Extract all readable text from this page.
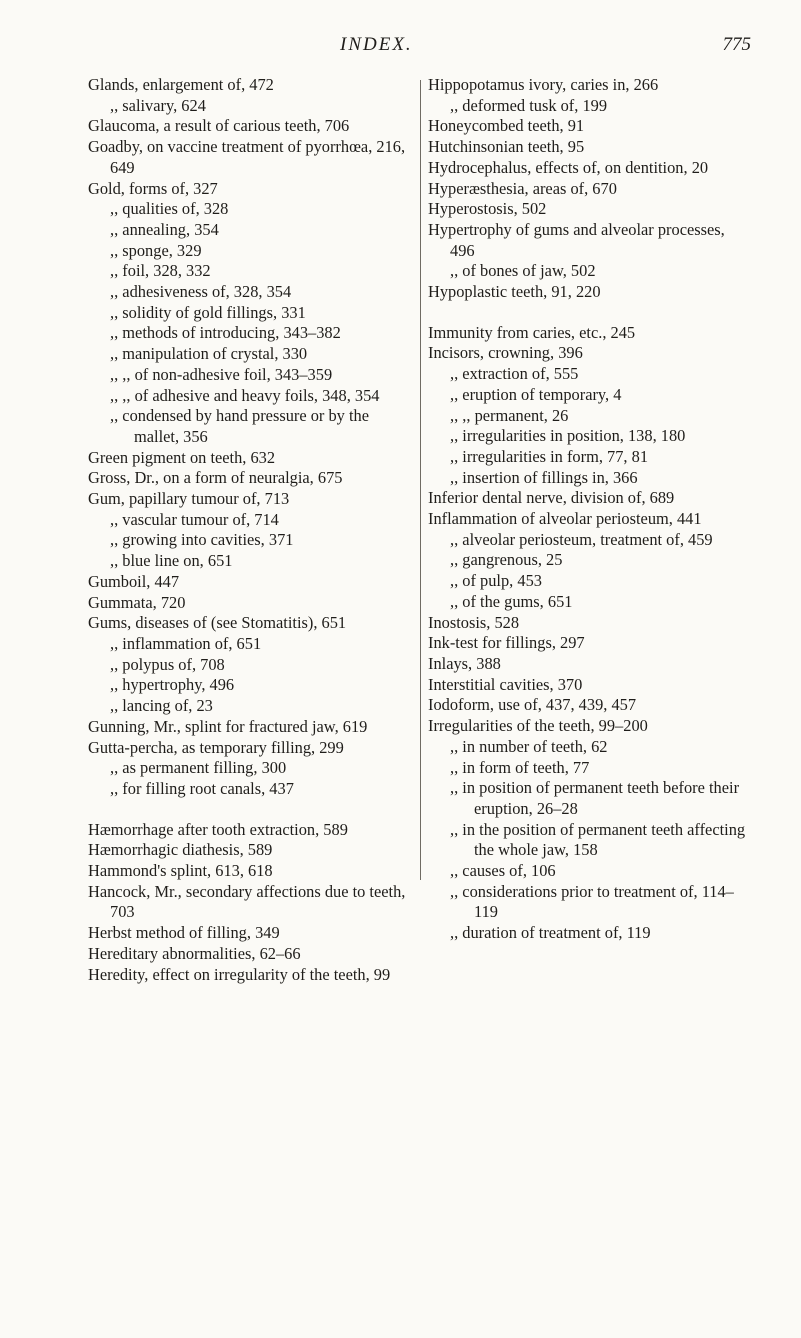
INDEX.	775
Glands, enlargement of, 472
,, salivary, 624
Glaucoma, a result of carious teeth, 706
Goadby, on vaccine treatment of pyorrhœa, 216, 649
Gold, forms of, 327
,, qualities of, 328
,, annealing, 354
,, sponge, 329
,, foil, 328, 332
,, adhesiveness of, 328, 354
,, solidity of gold fillings, 331
,, methods of introducing, 343–382
,, manipulation of crystal, 330
,, ,, of non-adhesive foil, 343–359
,, ,, of adhesive and heavy foils, 348, 354
,, condensed by hand pressure or by the mallet, 356
Green pigment on teeth, 632
Gross, Dr., on a form of neuralgia, 675
Gum, papillary tumour of, 713
,, vascular tumour of, 714
,, growing into cavities, 371
,, blue line on, 651
Gumboil, 447
Gummata, 720
Gums, diseases of (see Stomatitis), 651
,, inflammation of, 651
,, polypus of, 708
,, hypertrophy, 496
,, lancing of, 23
Gunning, Mr., splint for fractured jaw, 619
Gutta-percha, as temporary filling, 299
,, as permanent filling, 300
,, for filling root canals, 437
Hæmorrhage after tooth extraction, 589
Hæmorrhagic diathesis, 589
Hammond's splint, 613, 618
Hancock, Mr., secondary affections due to teeth, 703
Herbst method of filling, 349
Hereditary abnormalities, 62–66
Heredity, effect on irregularity of the teeth, 99
Hippopotamus ivory, caries in, 266
,, deformed tusk of, 199
Honeycombed teeth, 91
Hutchinsonian teeth, 95
Hydrocephalus, effects of, on dentition, 20
Hyperæsthesia, areas of, 670
Hyperostosis, 502
Hypertrophy of gums and alveolar processes, 496
,, of bones of jaw, 502
Hypoplastic teeth, 91, 220
Immunity from caries, etc., 245
Incisors, crowning, 396
,, extraction of, 555
,, eruption of temporary, 4
,, ,, permanent, 26
,, irregularities in position, 138, 180
,, irregularities in form, 77, 81
,, insertion of fillings in, 366
Inferior dental nerve, division of, 689
Inflammation of alveolar periosteum, 441
,, alveolar periosteum, treatment of, 459
,, gangrenous, 25
,, of pulp, 453
,, of the gums, 651
Inostosis, 528
Ink-test for fillings, 297
Inlays, 388
Interstitial cavities, 370
Iodoform, use of, 437, 439, 457
Irregularities of the teeth, 99–200
,, in number of teeth, 62
,, in form of teeth, 77
,, in position of permanent teeth before their eruption, 26–28
,, in the position of permanent teeth affecting the whole jaw, 158
,, causes of, 106
,, considerations prior to treatment of, 114–119
,, duration of treatment of, 119
